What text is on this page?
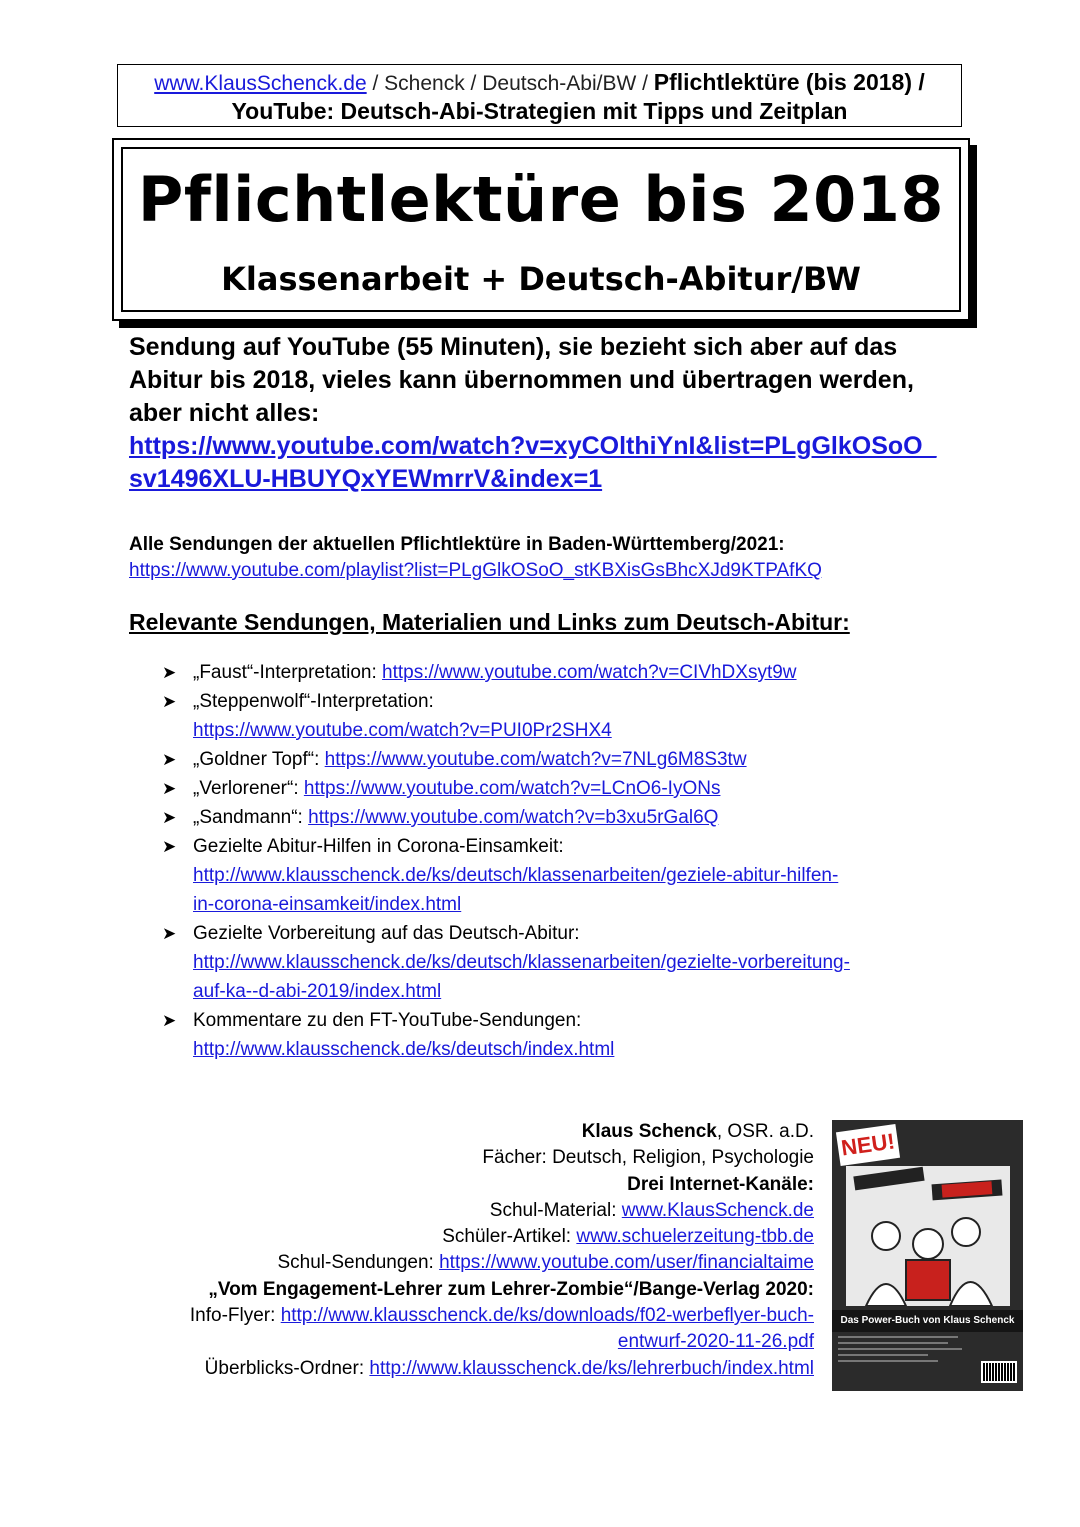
www.KlausSchenck.de / Schenck / Deutsch-Abi/BW / Pflichtlektüre (bis 2018) /
YouTube: Deutsch-Abi-Strategien mit Tipps und Zeitplan
Pflichtlektüre bis 2018
Klassenarbeit + Deutsch-Abitur/BW
Sendung auf YouTube (55 Minuten), sie bezieht sich aber auf das Abitur bis 2018, vieles kann übernommen und übertragen werden, aber nicht alles:
https://www.youtube.com/watch?v=xyCOlthiYnI&list=PLgGlkOSoO_
sv1496XLU-HBUYQxYEWmrrV&index=1
Alle Sendungen der aktuellen Pflichtlektüre in Baden-Württemberg/2021:
https://www.youtube.com/playlist?list=PLgGlkOSoO_stKBXisGsBhcXJd9KTPAfKQ
Relevante Sendungen, Materialien und Links zum Deutsch-Abitur:
➤ „Faust“-Interpretation: https://www.youtube.com/watch?v=CIVhDXsyt9w
➤ „Steppenwolf“-Interpretation:
https://www.youtube.com/watch?v=PUI0Pr2SHX4
➤ „Goldner Topf“: https://www.youtube.com/watch?v=7NLg6M8S3tw
➤ „Verlorener“: https://www.youtube.com/watch?v=LCnO6-IyONs
➤ „Sandmann“: https://www.youtube.com/watch?v=b3xu5rGal6Q
➤ Gezielte Abitur-Hilfen in Corona-Einsamkeit:
http://www.klausschenck.de/ks/deutsch/klassenarbeiten/geziele-abitur-hilfen-
in-corona-einsamkeit/index.html
➤ Gezielte Vorbereitung auf das Deutsch-Abitur:
http://www.klausschenck.de/ks/deutsch/klassenarbeiten/gezielte-vorbereitung-
auf-ka--d-abi-2019/index.html
➤ Kommentare zu den FT-YouTube-Sendungen:
http://www.klausschenck.de/ks/deutsch/index.html
Klaus Schenck, OSR. a.D.
Fächer: Deutsch, Religion, Psychologie
Drei Internet-Kanäle:
Schul-Material: www.KlausSchenck.de
Schüler-Artikel: www.schuelerzeitung-tbb.de
Schul-Sendungen: https://www.youtube.com/user/financialtaime
„Vom Engagement-Lehrer zum Lehrer-Zombie“/Bange-Verlag 2020:
Info-Flyer: http://www.klausschenck.de/ks/downloads/f02-werbeflyer-buch-
entwurf-2020-11-26.pdf
Überblicks-Ordner: http://www.klausschenck.de/ks/lehrerbuch/index.html
NEU!
Das Power-Buch von Klaus Schenck
